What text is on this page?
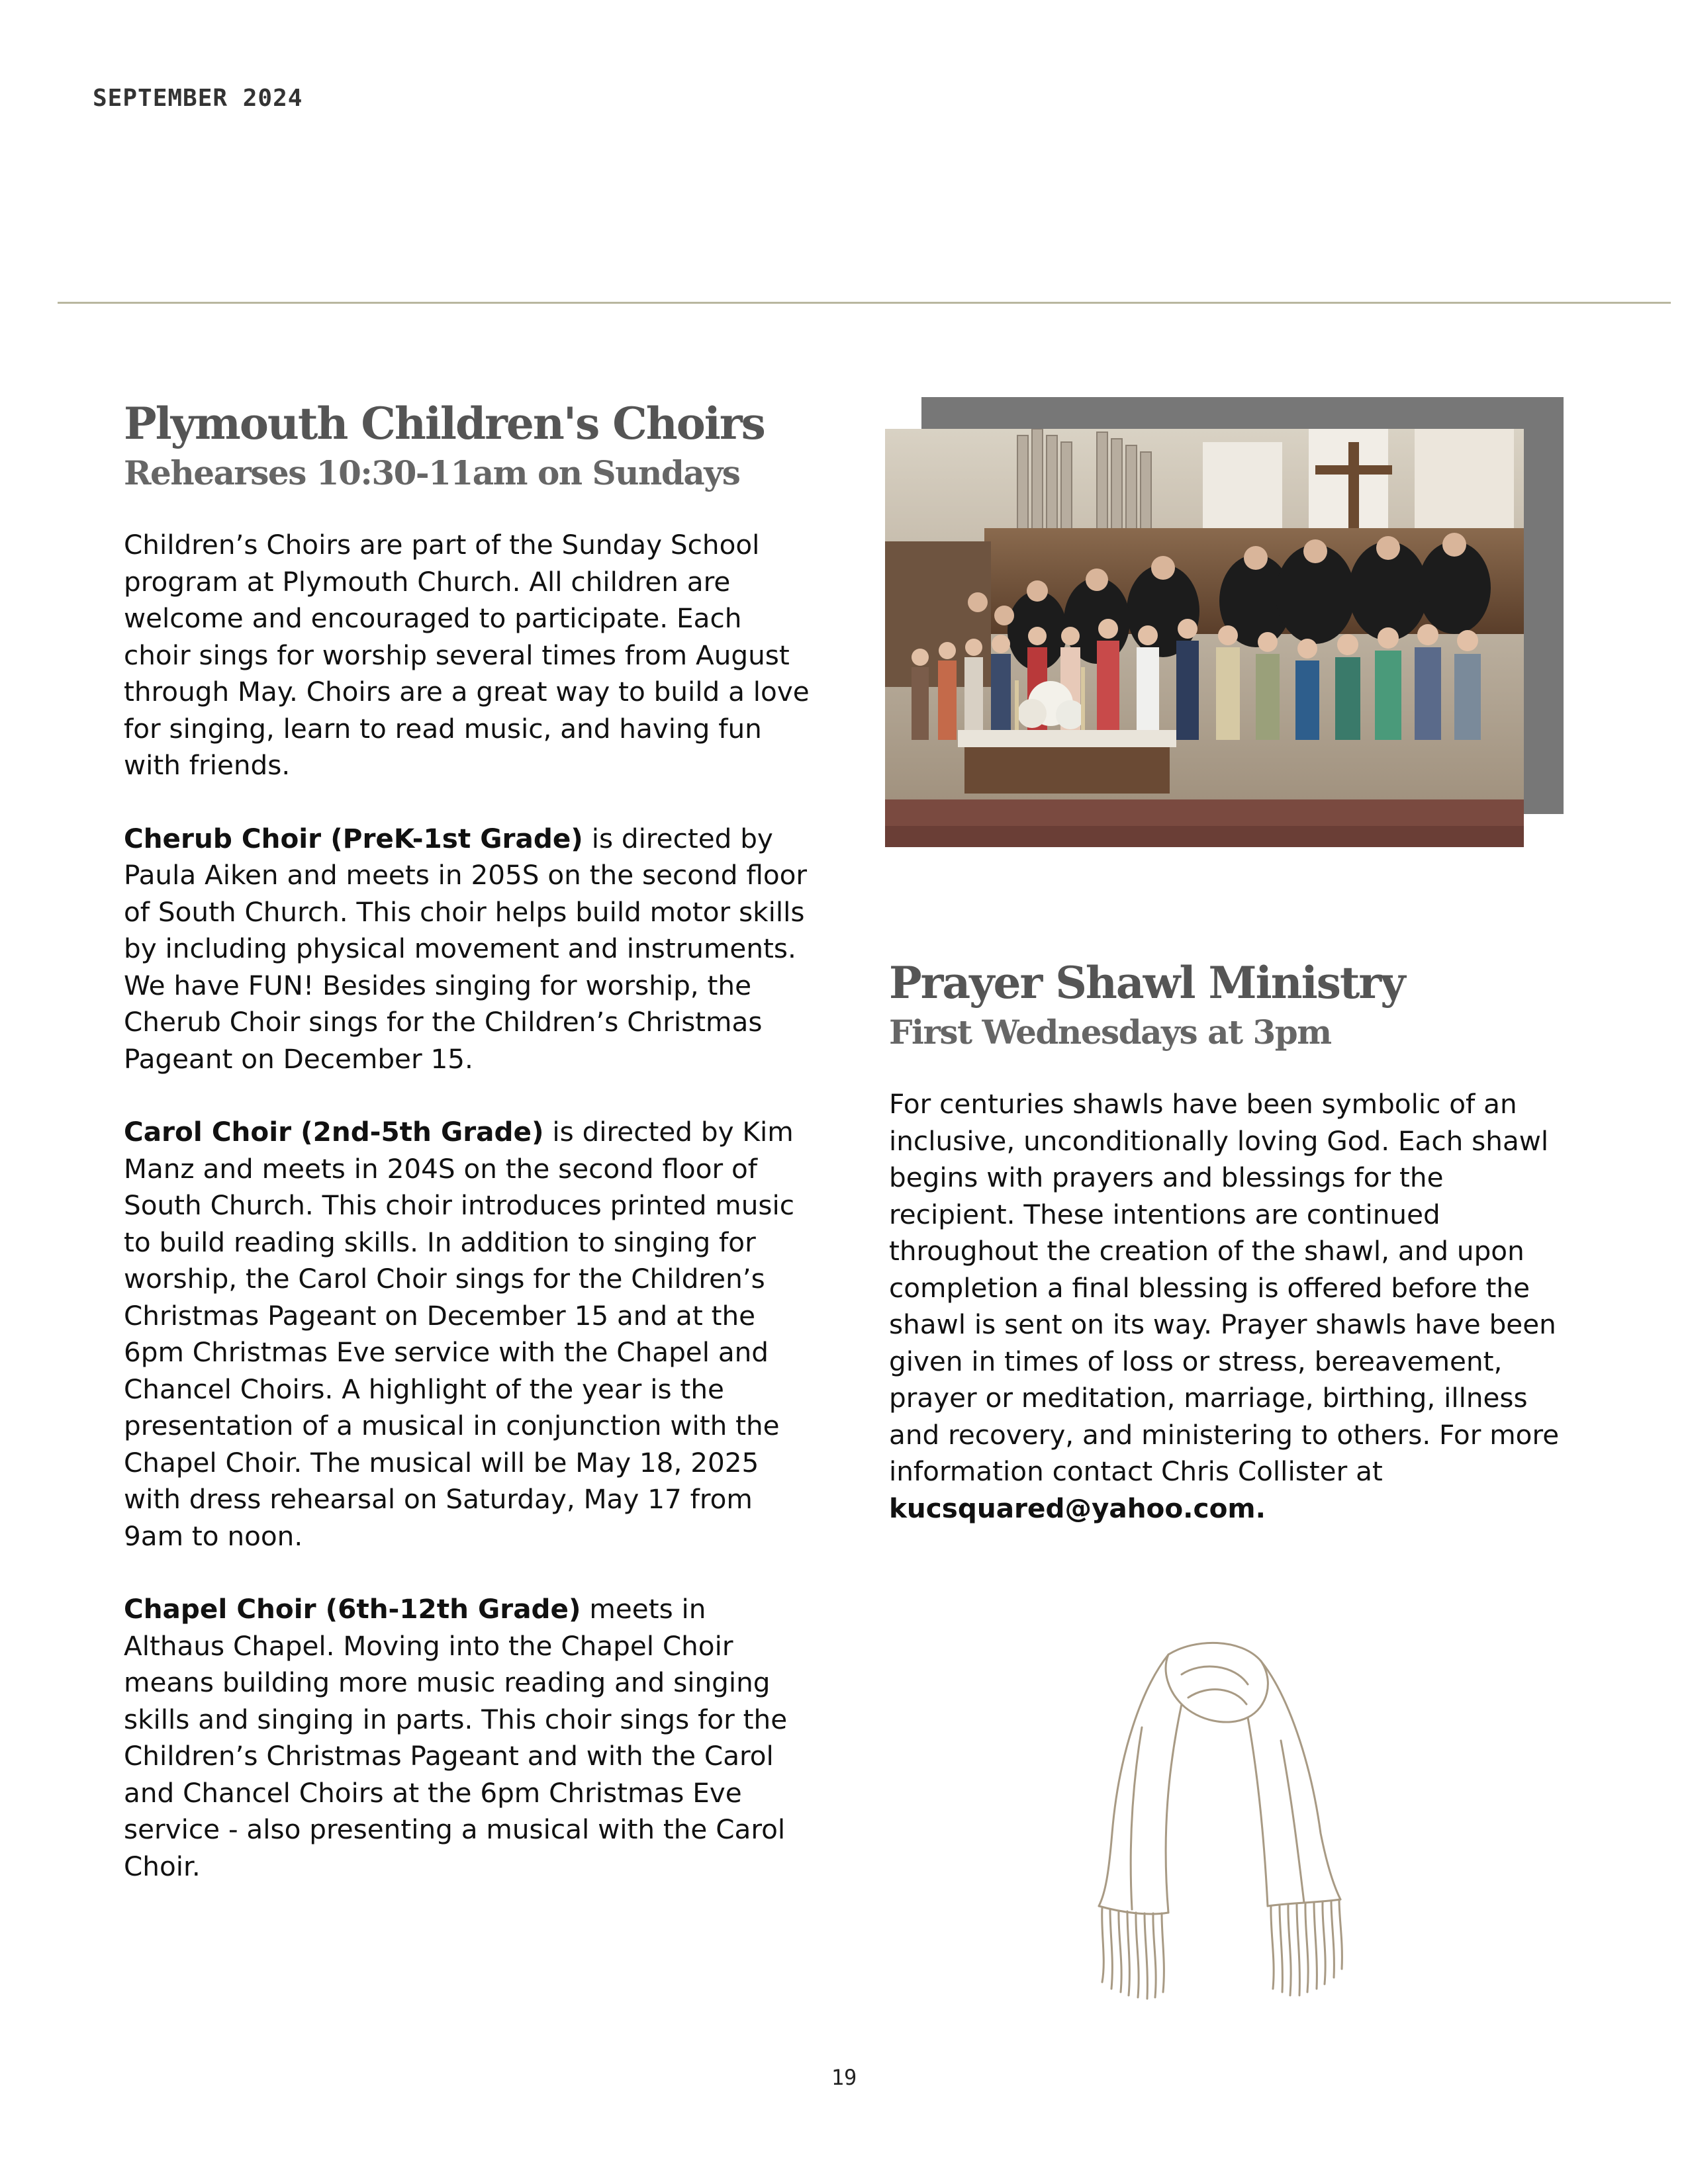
SEPTEMBER 2024
Plymouth Children's Choirs
Rehearses 10:30-11am on Sundays

Children’s Choirs are part of the Sunday School program at Plymouth Church. All children are welcome and encouraged to participate. Each choir sings for worship several times from August through May. Choirs are a great way to build a love for singing, learn to read music, and having fun with friends.

Cherub Choir (PreK-1st Grade) is directed by Paula Aiken and meets in 205S on the second floor of South Church. This choir helps build motor skills by including physical movement and instruments. We have FUN! Besides singing for worship, the Cherub Choir sings for the Children’s Christmas Pageant on December 15.

Carol Choir (2nd-5th Grade) is directed by Kim Manz and meets in 204S on the second floor of South Church. This choir introduces printed music to build reading skills. In addition to singing for worship, the Carol Choir sings for the Children’s Christmas Pageant on December 15 and at the 6pm Christmas Eve service with the Chapel and Chancel Choirs. A highlight of the year is the presentation of a musical in conjunction with the Chapel Choir. The musical will be May 18, 2025 with dress rehearsal on Saturday, May 17 from 9am to noon.

Chapel Choir (6th-12th Grade) meets in Althaus Chapel. Moving into the Chapel Choir means building more music reading and singing skills and singing in parts. This choir sings for the Children’s Christmas Pageant and with the Carol and Chancel Choirs at the 6pm Christmas Eve service - also presenting a musical with the Carol Choir.

Prayer Shawl Ministry
First Wednesdays at 3pm

For centuries shawls have been symbolic of an inclusive, unconditionally loving God. Each shawl begins with prayers and blessings for the recipient. These intentions are continued throughout the creation of the shawl, and upon completion a final blessing is offered before the shawl is sent on its way. Prayer shawls have been given in times of loss or stress, bereavement, prayer or meditation, marriage, birthing, illness and recovery, and ministering to others. For more information contact Chris Collister at
kucsquared@yahoo.com.

19
